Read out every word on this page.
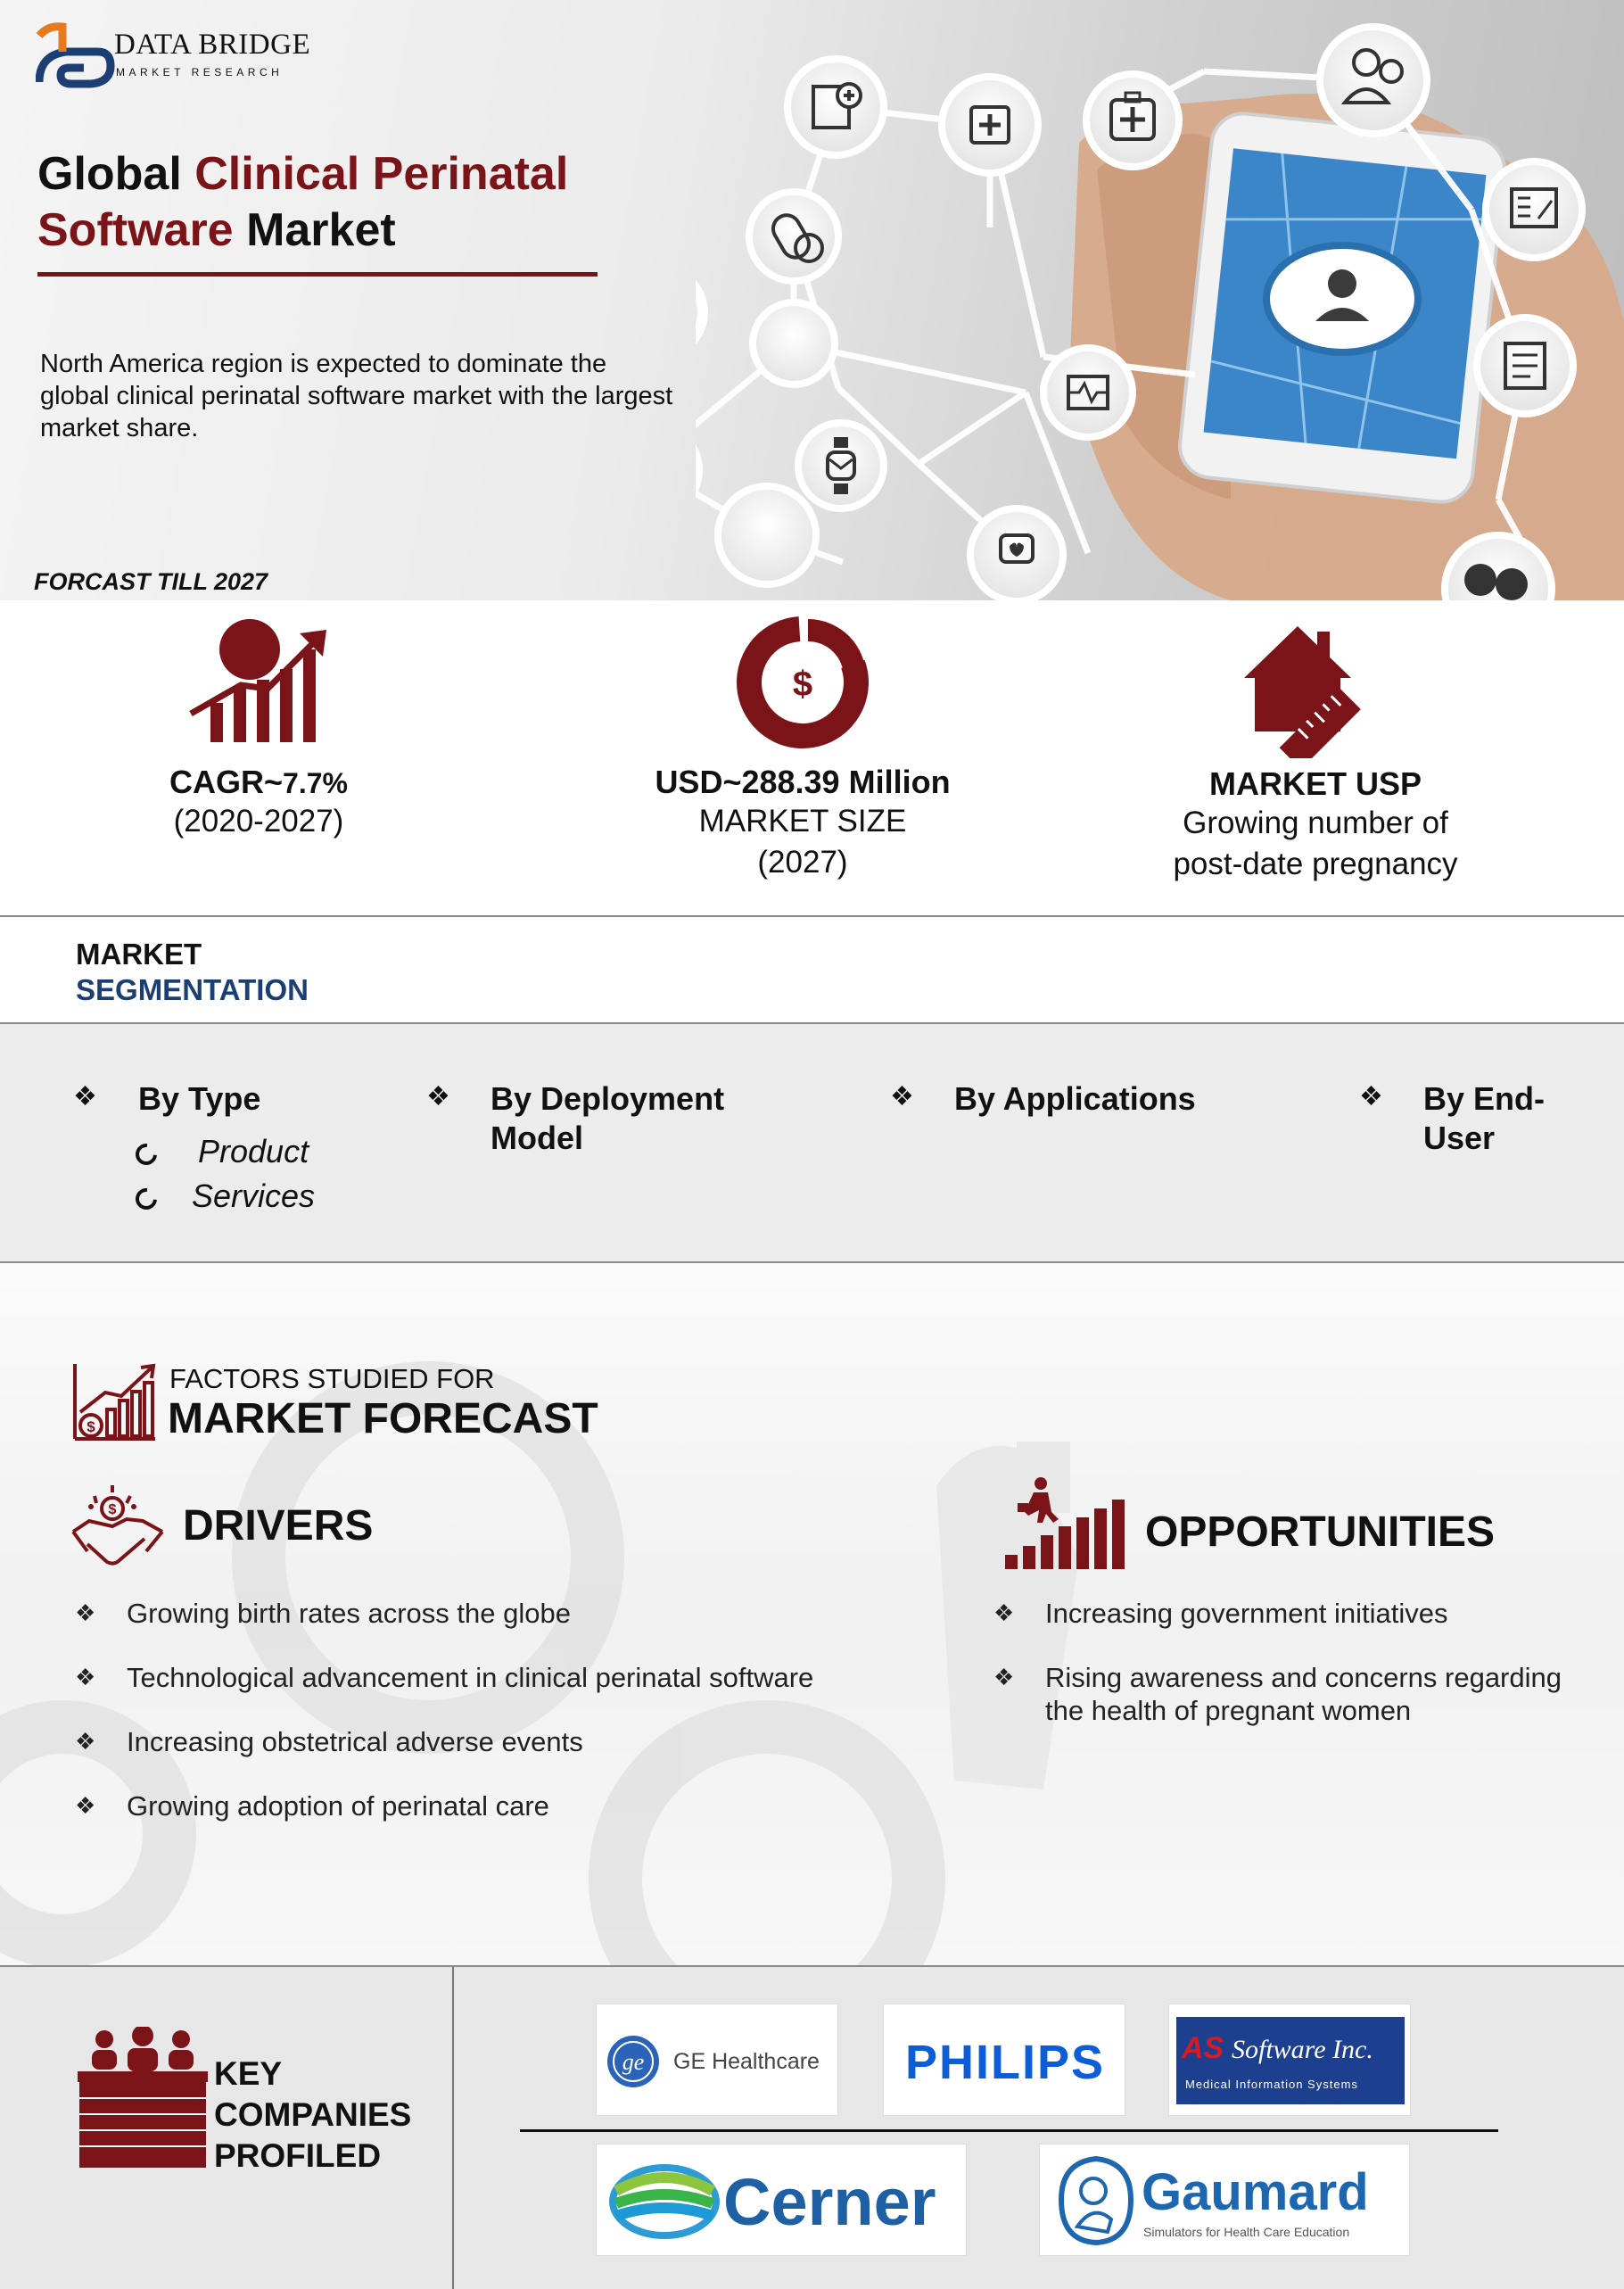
DATA BRIDGE
MARKET RESEARCH
Global Clinical Perinatal
Software Market
North America region is expected to dominate the global clinical perinatal software market with the largest market share.
FORCAST TILL 2027
CAGR~7.7%
(2020-2027)
$
USD~288.39 Million
MARKET SIZE
(2027)
MARKET USP
Growing number of
post-date pregnancy
MARKET
SEGMENTATION
❖ By Type
Product
Services
❖ By Deployment
Model
❖ By Applications	❖ By End-
User
$
FACTORS STUDIED FOR
MARKET FORECAST
$ DRIVERS
❖ Growing birth rates across the globe
❖ Technological advancement in clinical perinatal software
❖ Increasing obstetrical adverse events
❖ Growing adoption of perinatal care
OPPORTUNITIES
❖ Increasing government initiatives
❖ Rising awareness and concerns regarding
the health of pregnant women
KEY
COMPANIES
PROFILED
ge GE Healthcare	PHILIPS	AS Software Inc.
Medical Information Systems
Cerner	Gaumard
Simulators for Health Care Education
